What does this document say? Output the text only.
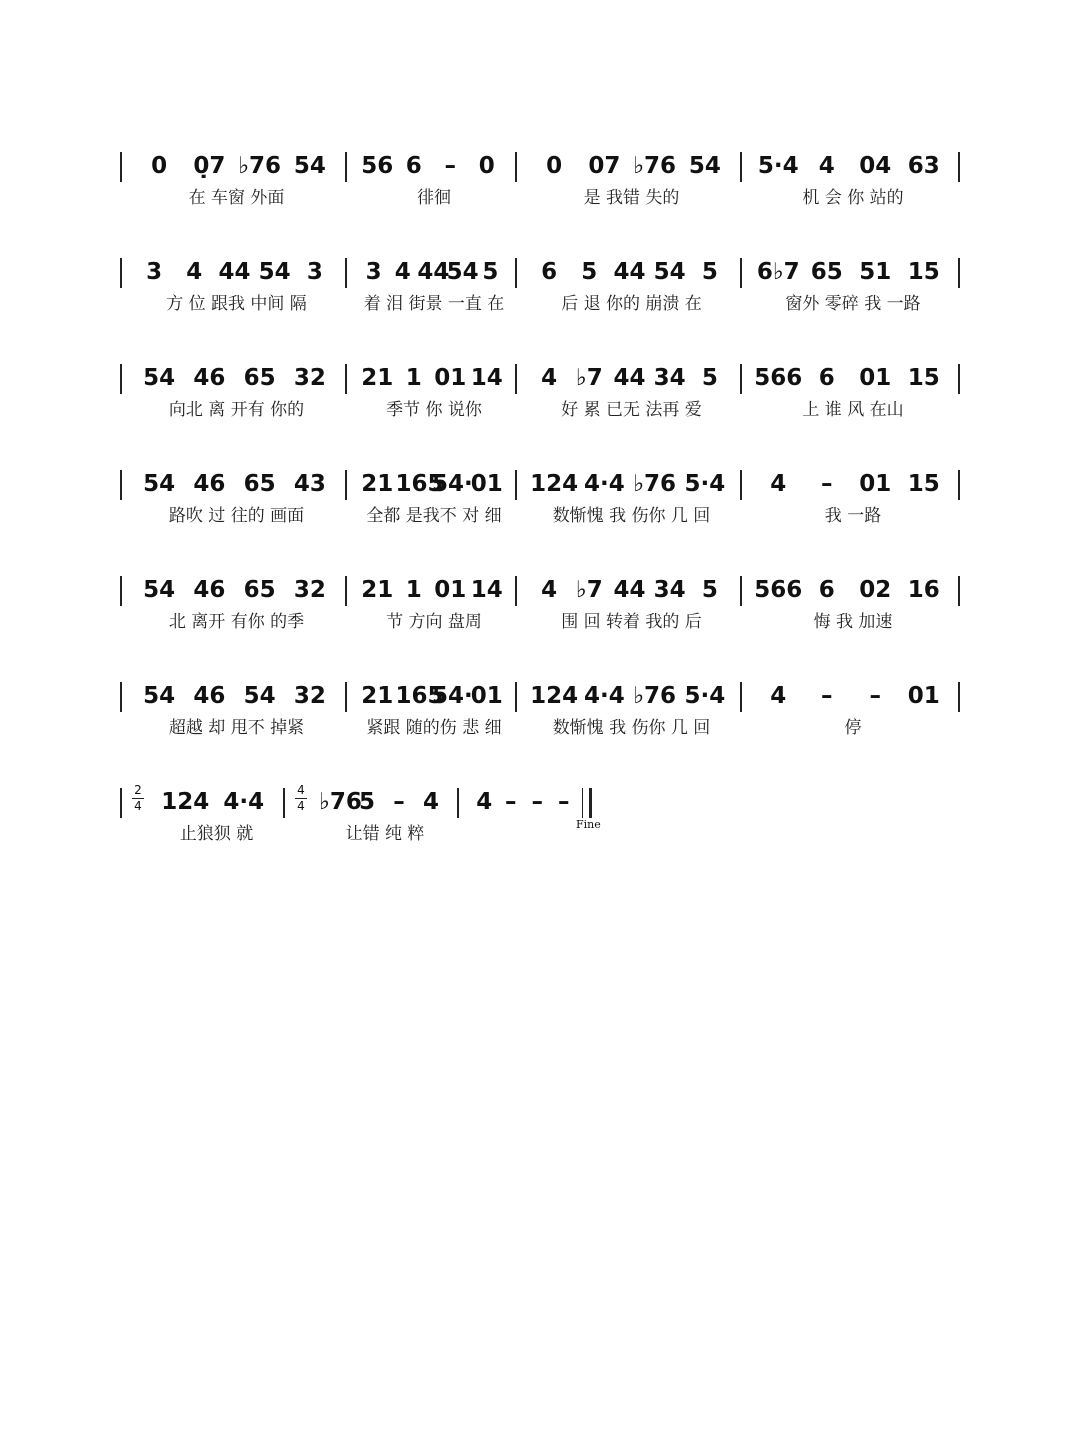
0	0̣7 ♭76 54
在 车窗 外面
56 6 – 0
徘徊
0	07 ♭76 54
是 我错 失的
5·4 4	04 63
机 会 你 站的
3	4 44 54 3
方 位 跟我 中间 隔
3 4 44
54 5
着 泪 街景 一直 在
6	5 44 54 5
后 退 你的 崩溃 在
6♭7 65 51 15
窗外 零碎 我 一路
54 46 65 32
向北 离 开有 你的
21 1 01 14
季节 你 说你
4 ♭7 44 34 5
好 累 已无 法再 爱
566 6	01 15
上 谁 风 在山
54 46 65 43
路吹 过 往的 画面
21 165
54·
01
全都 是我不 对 细
124 4·4 ♭76 5·4
数惭愧 我 伤你 几 回
4	–	01 15
我 一路
54 46 65 32
北 离开 有你 的季
21 1 01 14
节 方向 盘周
4 ♭7 44 34 5
围 回 转着 我的 后
566 6	02 16
悔 我 加速
54 46 54 32
超越 却 甩不 掉紧
21 165
54·
01
紧跟 随的伤 悲 细
124 4·4 ♭76 5·4
数惭愧 我 伤你 几 回
4	–	–	01
停
2
4 124 4·4
止狼狈 就
4
4 ♭76
5 – 4
让错 纯 粹
4 – – –
Fine
